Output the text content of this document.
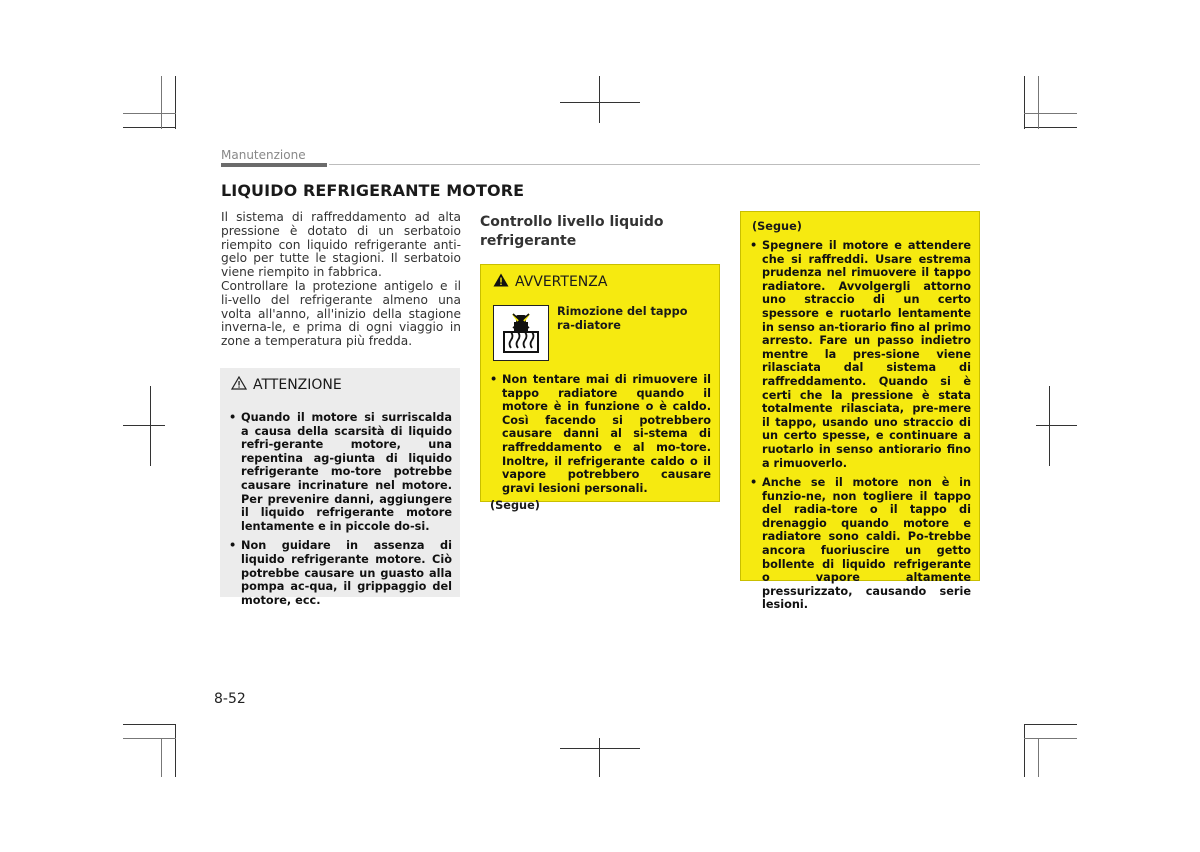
Manutenzione
LIQUIDO REFRIGERANTE MOTORE

Il sistema di raffreddamento ad alta pressione è dotato di un serbatoio riempito con liquido refrigerante anti-gelo per tutte le stagioni. Il serbatoio viene riempito in fabbrica.

Controllare la protezione antigelo e il li-vello del refrigerante almeno una volta all'anno, all'inizio della stagione inverna-le, e prima di ogni viaggio in zone a temperatura più fredda.

ATTENZIONE
• Quando il motore si surriscalda a causa della scarsità di liquido refri-gerante motore, una repentina ag-giunta di liquido refrigerante mo-tore potrebbe causare incrinature nel motore. Per prevenire danni, aggiungere il liquido refrigerante motore lentamente e in piccole do-si.
• Non guidare in assenza di liquido refrigerante motore. Ciò potrebbe causare un guasto alla pompa ac-qua, il grippaggio del motore, ecc.
Controllo livello liquido refrigerante
AVVERTENZA
Rimozione del tappo ra-diatore
• Non tentare mai di rimuovere il tappo radiatore quando il motore è in funzione o è caldo. Così facendo si potrebbero causare danni al si-stema di raffreddamento e al mo-tore. Inoltre, il refrigerante caldo o il vapore potrebbero causare gravi lesioni personali.
(Segue)
(Segue)
• Spegnere il motore e attendere che si raffreddi. Usare estrema prudenza nel rimuovere il tappo radiatore. Avvolgergli attorno uno straccio di un certo spessore e ruotarlo lentamente in senso an-tiorario fino al primo arresto. Fare un passo indietro mentre la pres-sione viene rilasciata dal sistema di raffreddamento. Quando si è certi che la pressione è stata totalmente rilasciata, pre-mere il tappo, usando uno straccio di un certo spesse, e continuare a ruotarlo in senso antiorario fino a rimuoverlo.
• Anche se il motore non è in funzio-ne, non togliere il tappo del radia-tore o il tappo di drenaggio quando motore e radiatore sono caldi. Po-trebbe ancora fuoriuscire un getto bollente di liquido refrigerante o vapore altamente pressurizzato, causando serie lesioni.
8-52
